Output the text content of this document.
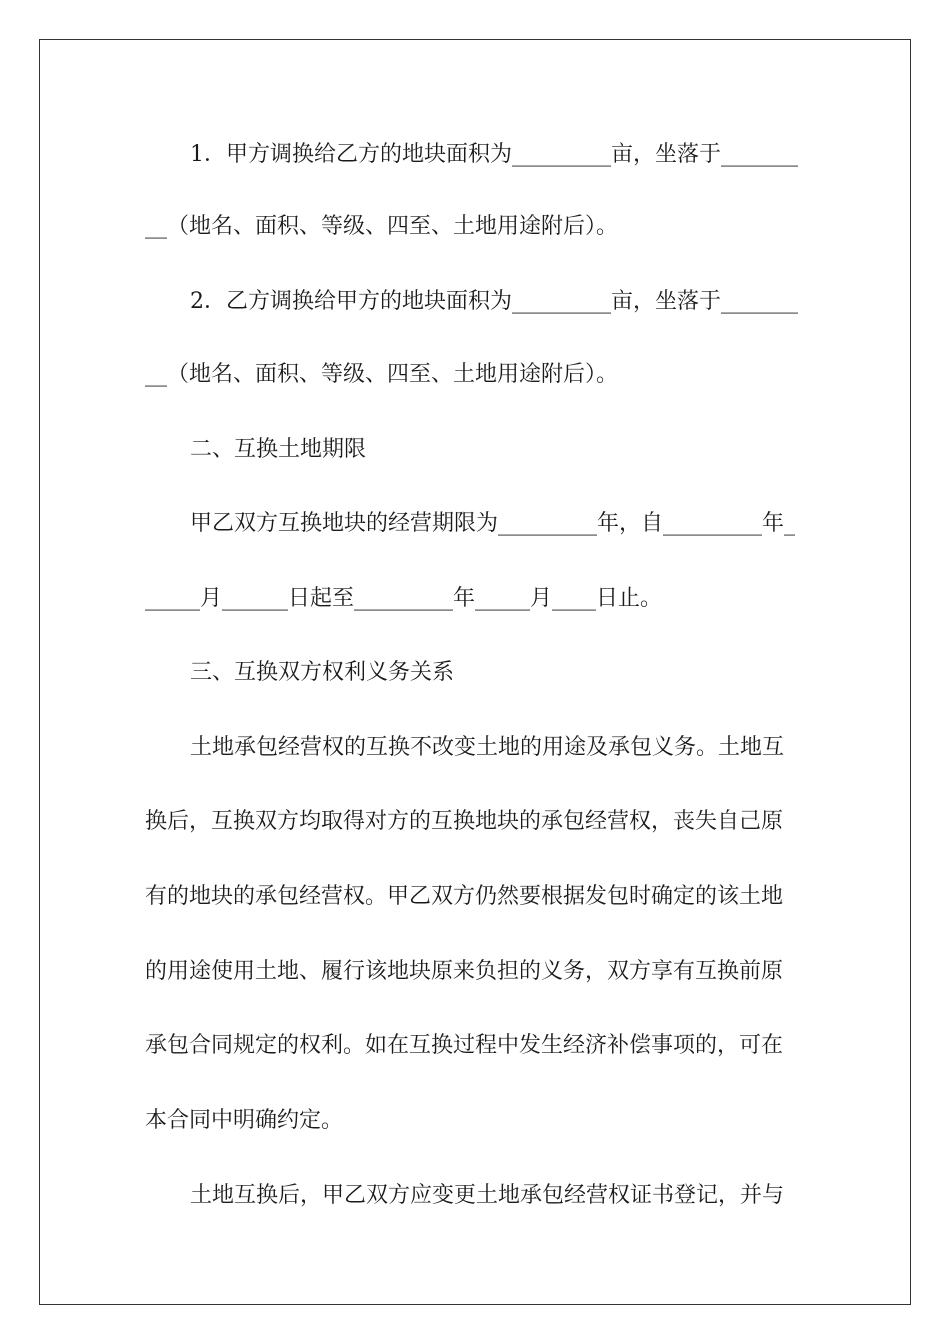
1．甲方调换给乙方的地块面积为_________亩，坐落于_______
__（地名、面积、等级、四至、土地用途附后）。
2．乙方调换给甲方的地块面积为_________亩，坐落于_______
__（地名、面积、等级、四至、土地用途附后）。
二、互换土地期限
甲乙双方互换地块的经营期限为_________年，自_________年_
_____月______日起至_________年_____月____日止。
三、互换双方权利义务关系
土地承包经营权的互换不改变土地的用途及承包义务。土地互
换后，互换双方均取得对方的互换地块的承包经营权，丧失自己原
有的地块的承包经营权。甲乙双方仍然要根据发包时确定的该土地
的用途使用土地、履行该地块原来负担的义务，双方享有互换前原
承包合同规定的权利。如在互换过程中发生经济补偿事项的，可在
本合同中明确约定。
土地互换后，甲乙双方应变更土地承包经营权证书登记，并与
